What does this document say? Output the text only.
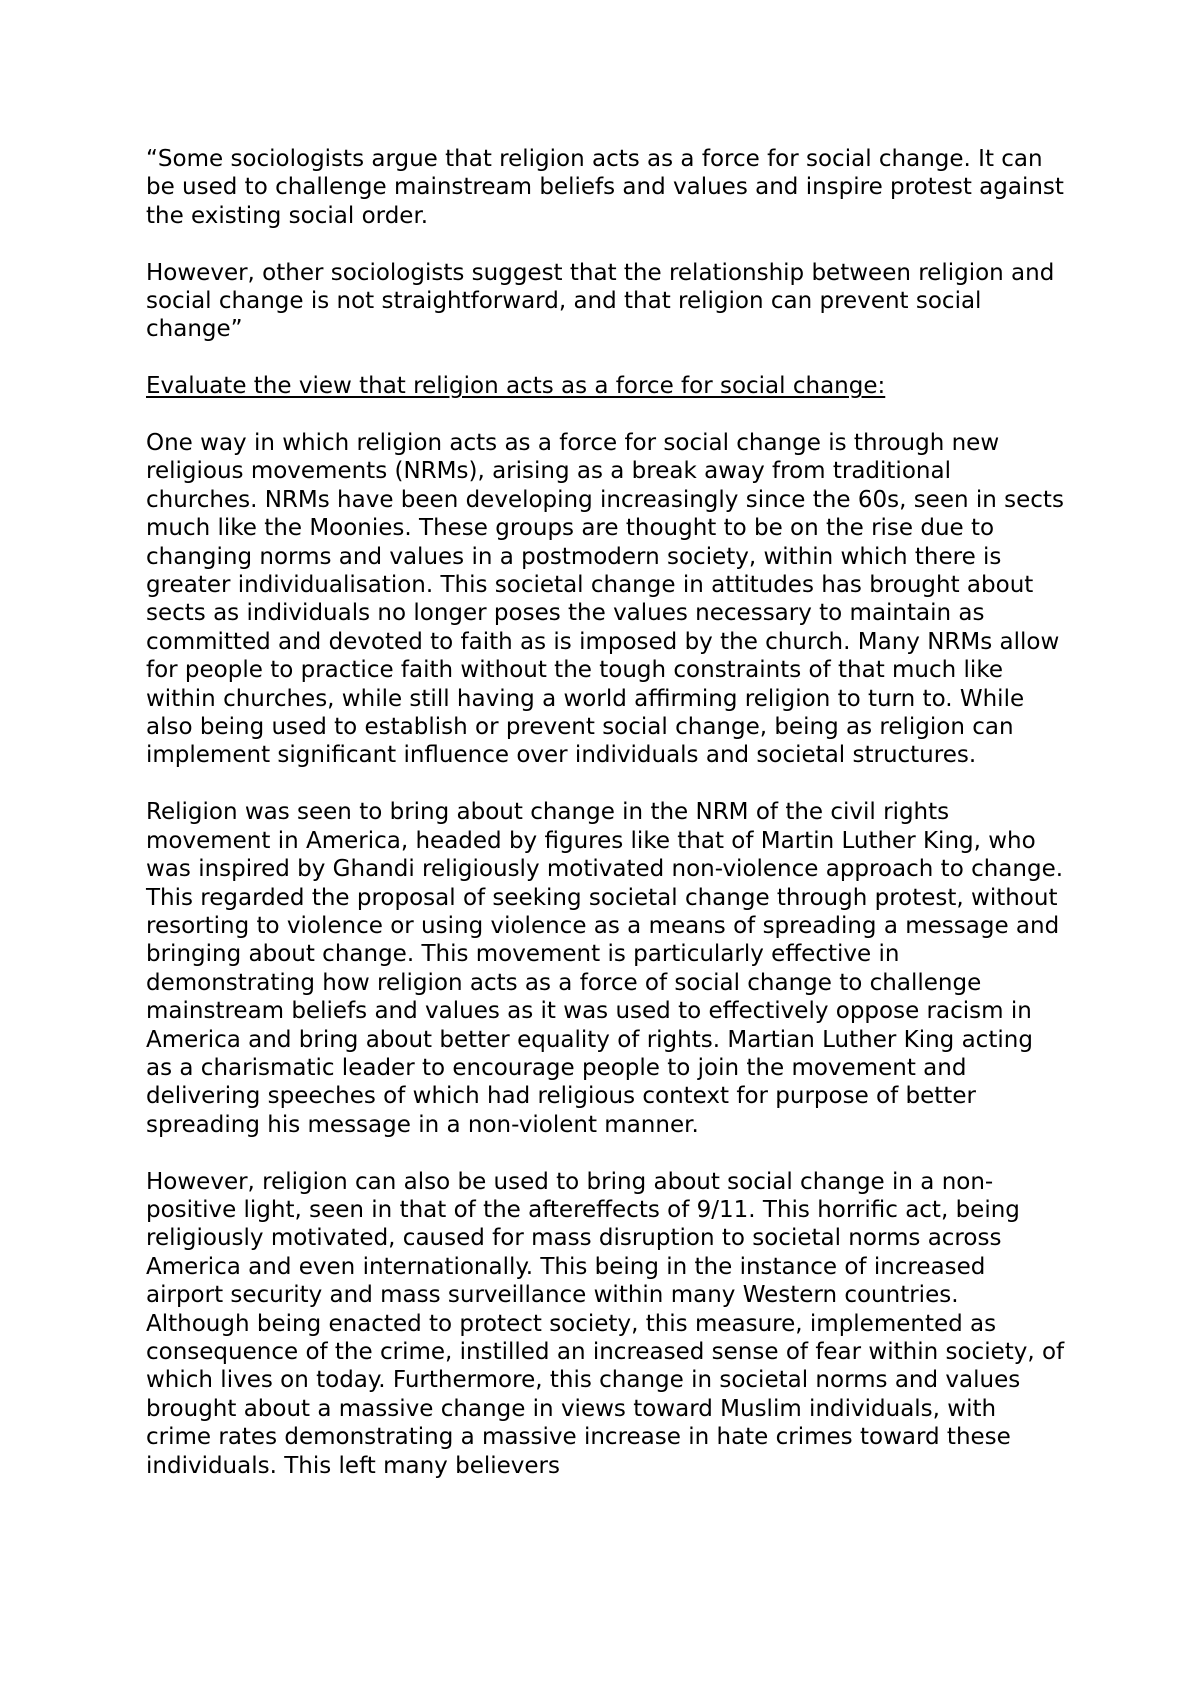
“Some sociologists argue that religion acts as a force for social change. It can be used to challenge mainstream beliefs and values and inspire protest against the existing social order.

However, other sociologists suggest that the relationship between religion and social change is not straightforward, and that religion can prevent social change”

Evaluate the view that religion acts as a force for social change:

One way in which religion acts as a force for social change is through new religious movements (NRMs), arising as a break away from traditional churches. NRMs have been developing increasingly since the 60s, seen in sects much like the Moonies. These groups are thought to be on the rise due to changing norms and values in a postmodern society, within which there is greater individualisation. This societal change in attitudes has brought about sects as individuals no longer poses the values necessary to maintain as committed and devoted to faith as is imposed by the church. Many NRMs allow for people to practice faith without the tough constraints of that much like within churches, while still having a world affirming religion to turn to. While also being used to establish or prevent social change, being as religion can implement significant influence over individuals and societal structures.

Religion was seen to bring about change in the NRM of the civil rights movement in America, headed by figures like that of Martin Luther King, who was inspired by Ghandi religiously motivated non-violence approach to change. This regarded the proposal of seeking societal change through protest, without resorting to violence or using violence as a means of spreading a message and bringing about change. This movement is particularly effective in demonstrating how religion acts as a force of social change to challenge mainstream beliefs and values as it was used to effectively oppose racism in America and bring about better equality of rights. Martian Luther King acting as a charismatic leader to encourage people to join the movement and delivering speeches of which had religious context for purpose of better spreading his message in a non-violent manner.

However, religion can also be used to bring about social change in a non-positive light, seen in that of the aftereffects of 9/11. This horrific act, being religiously motivated, caused for mass disruption to societal norms across America and even internationally. This being in the instance of increased airport security and mass surveillance within many Western countries. Although being enacted to protect society, this measure, implemented as consequence of the crime, instilled an increased sense of fear within society, of which lives on today. Furthermore, this change in societal norms and values brought about a massive change in views toward Muslim individuals, with crime rates demonstrating a massive increase in hate crimes toward these individuals. This left many believers
